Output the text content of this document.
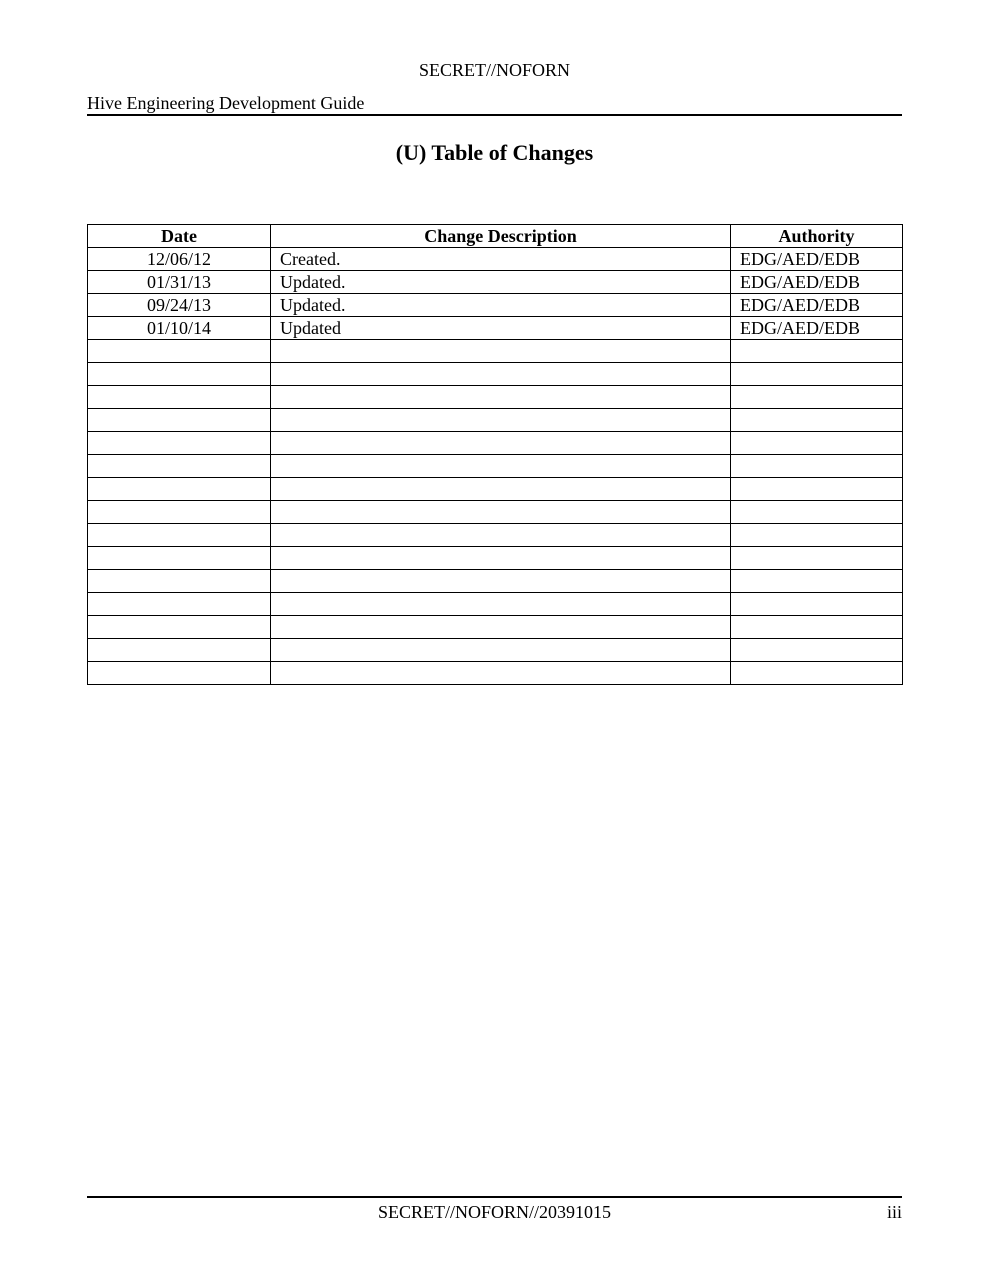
SECRET//NOFORN
Hive Engineering Development Guide
(U) Table of Changes
Date	Change Description	Authority
12/06/12	Created.	EDG/AED/EDB
01/31/13	Updated.	EDG/AED/EDB
09/24/13	Updated.	EDG/AED/EDB
01/10/14	Updated	EDG/AED/EDB

SECRET//NOFORN//20391015	iii
